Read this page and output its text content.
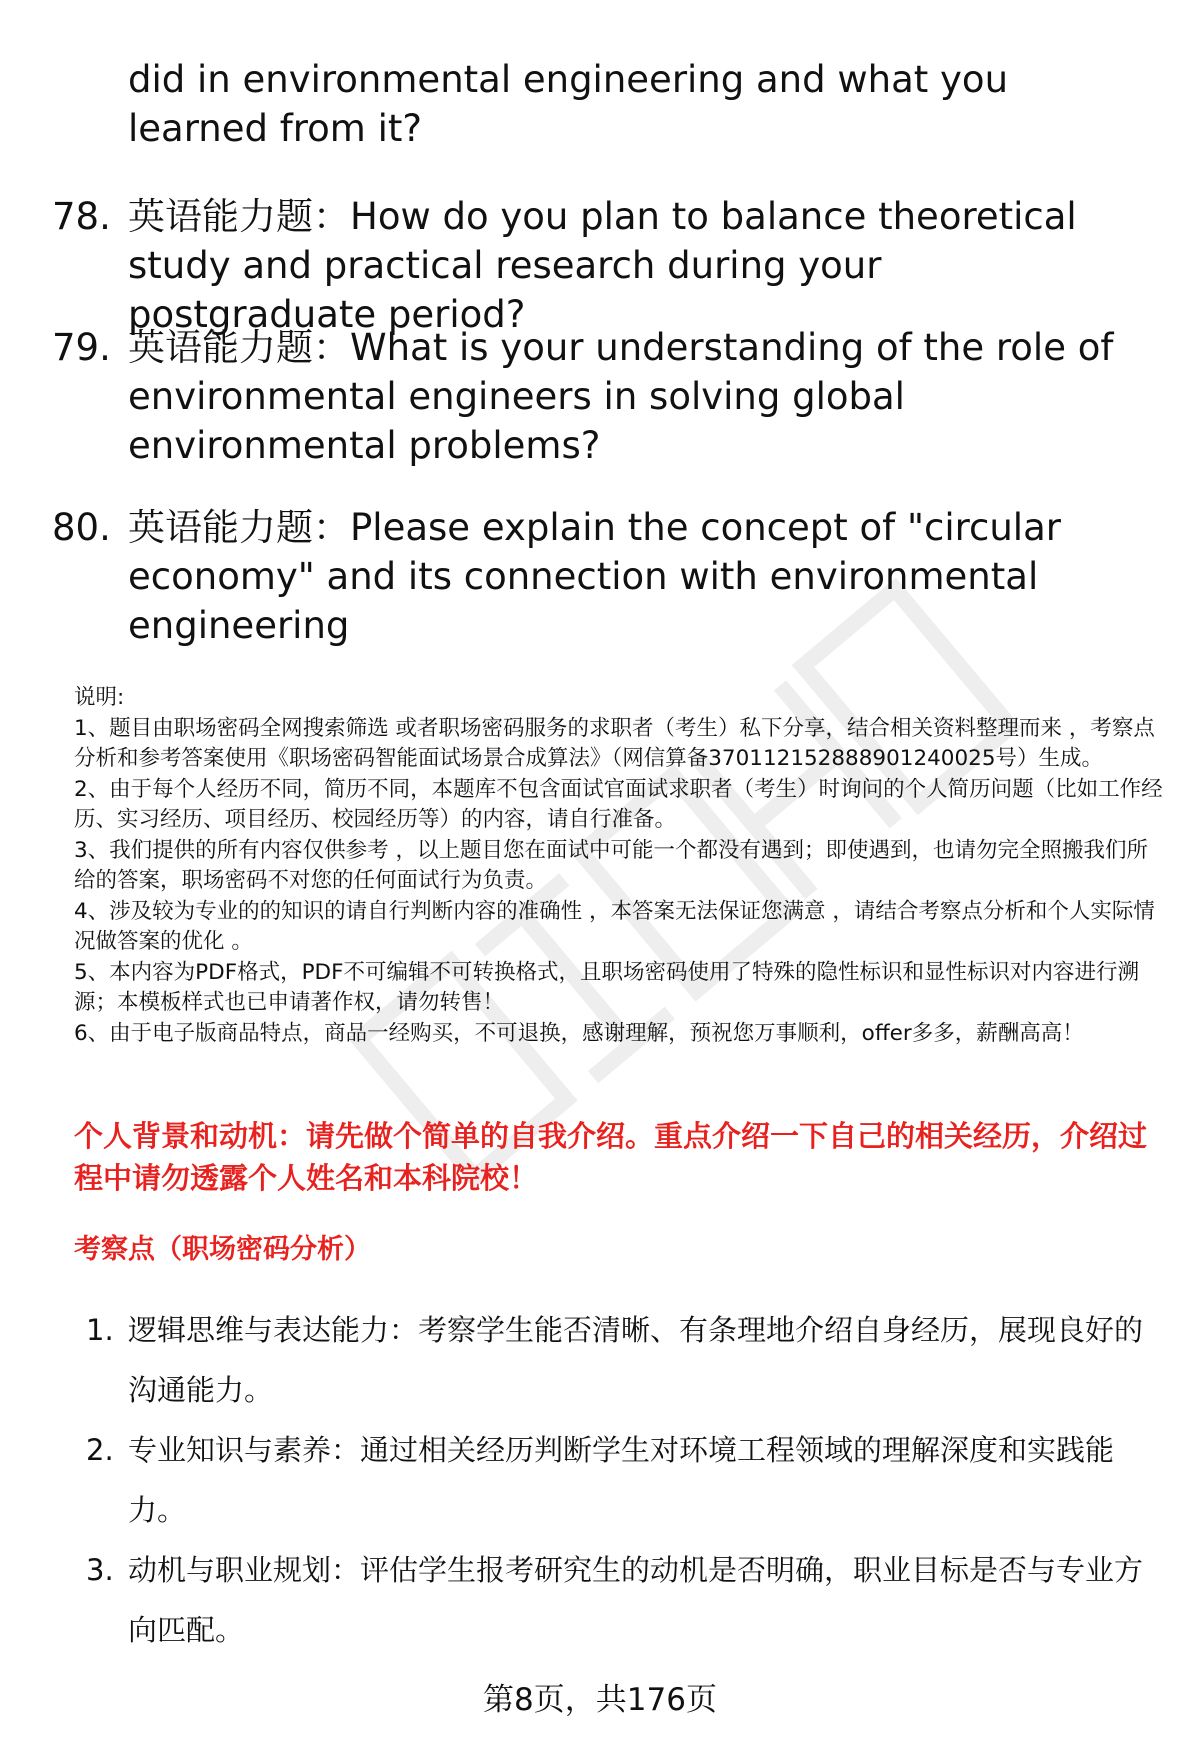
did in environmental engineering and what you learned from it?
78. 英语能力题：How do you plan to balance theoretical study and practical research during your postgraduate period?
79. 英语能力题：What is your understanding of the role of environmental engineers in solving global environmental problems?
80. 英语能力题：Please explain the concept of "circular economy" and its connection with environmental engineering

说明:

1、题目由职场密码全网搜索筛选 或者职场密码服务的求职者（考生）私下分享，结合相关资料整理而来 ，考察点分析和参考答案使用《职场密码智能面试场景合成算法》（网信算备370112152888901240025号）生成。

2、由于每个人经历不同，简历不同，本题库不包含面试官面试求职者（考生）时询问的个人简历问题（比如工作经历、实习经历、项目经历、校园经历等）的内容，请自行准备。

3、我们提供的所有内容仅供参考 ，以上题目您在面试中可能一个都没有遇到；即使遇到，也请勿完全照搬我们所给的答案，职场密码不对您的任何面试行为负责。

4、涉及较为专业的的知识的请自行判断内容的准确性 ，本答案无法保证您满意 ，请结合考察点分析和个人实际情况做答案的优化 。

5、本内容为PDF格式，PDF不可编辑不可转换格式，且职场密码使用了特殊的隐性标识和显性标识对内容进行溯源；本模板样式也已申请著作权，请勿转售！

6、由于电子版商品特点，商品一经购买，不可退换，感谢理解，预祝您万事顺利，offer多多，薪酬高高！

个人背景和动机：请先做个简单的自我介绍。重点介绍一下自己的相关经历，介绍过程中请勿透露个人姓名和本科院校！
考察点（职场密码分析）
1. 逻辑思维与表达能力：考察学生能否清晰、有条理地介绍自身经历，展现良好的沟通能力。
2. 专业知识与素养：通过相关经历判断学生对环境工程领域的理解深度和实践能力。
3. 动机与职业规划：评估学生报考研究生的动机是否明确，职业目标是否与专业方向匹配。
第8页，共176页
